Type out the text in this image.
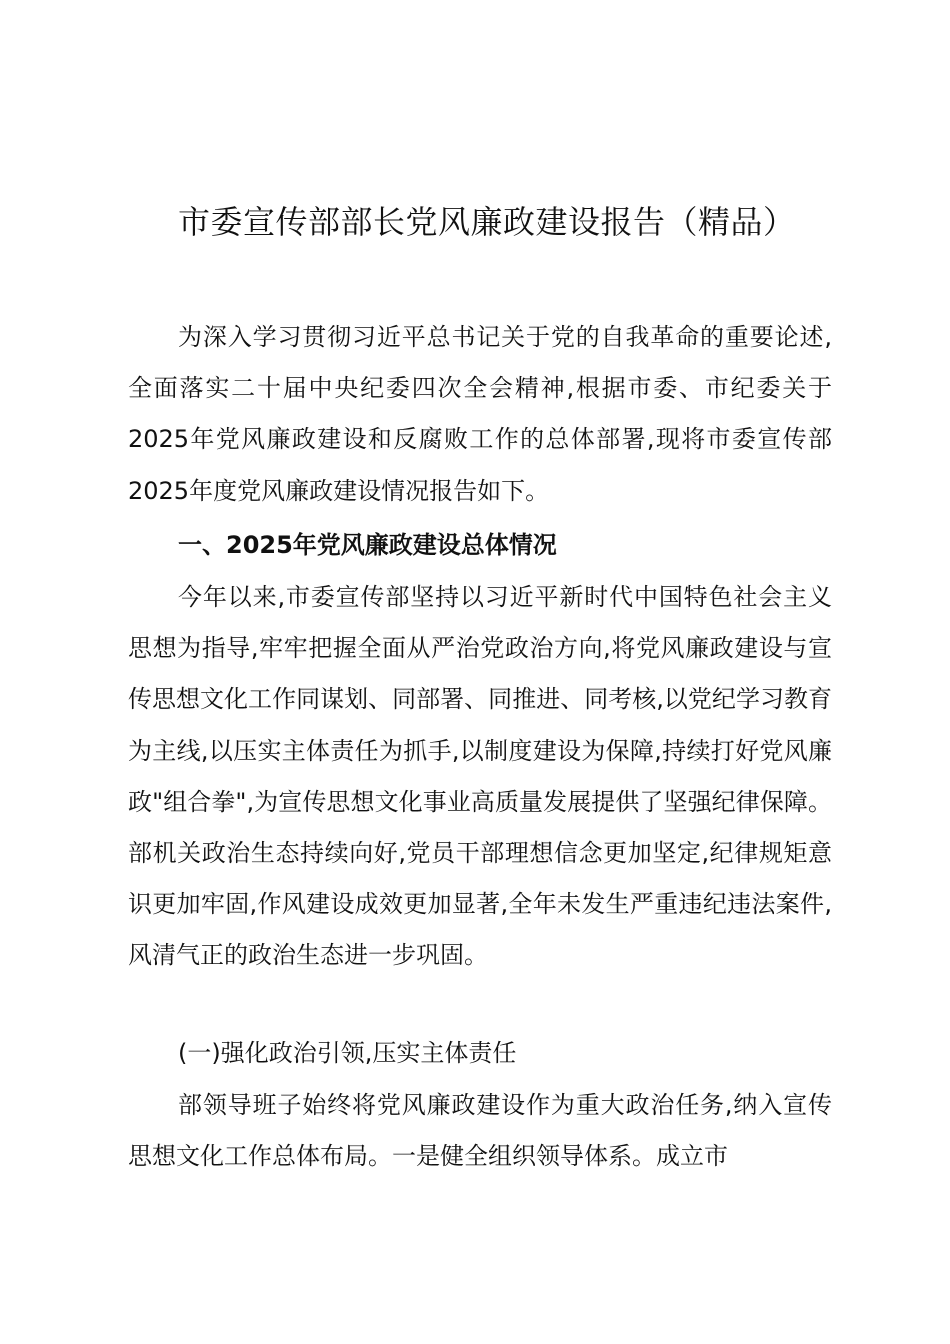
市委宣传部部长党风廉政建设报告（精品）

为深入学习贯彻习近平总书记关于党的自我革命的重要论述,全面落实二十届中央纪委四次全会精神,根据市委、市纪委关于2025年党风廉政建设和反腐败工作的总体部署,现将市委宣传部2025年度党风廉政建设情况报告如下。

一、2025年党风廉政建设总体情况

今年以来,市委宣传部坚持以习近平新时代中国特色社会主义思想为指导,牢牢把握全面从严治党政治方向,将党风廉政建设与宣传思想文化工作同谋划、同部署、同推进、同考核,以党纪学习教育为主线,以压实主体责任为抓手,以制度建设为保障,持续打好党风廉政"组合拳",为宣传思想文化事业高质量发展提供了坚强纪律保障。部机关政治生态持续向好,党员干部理想信念更加坚定,纪律规矩意识更加牢固,作风建设成效更加显著,全年未发生严重违纪违法案件,风清气正的政治生态进一步巩固。

(一)强化政治引领,压实主体责任

部领导班子始终将党风廉政建设作为重大政治任务,纳入宣传思想文化工作总体布局。一是健全组织领导体系。成立市
